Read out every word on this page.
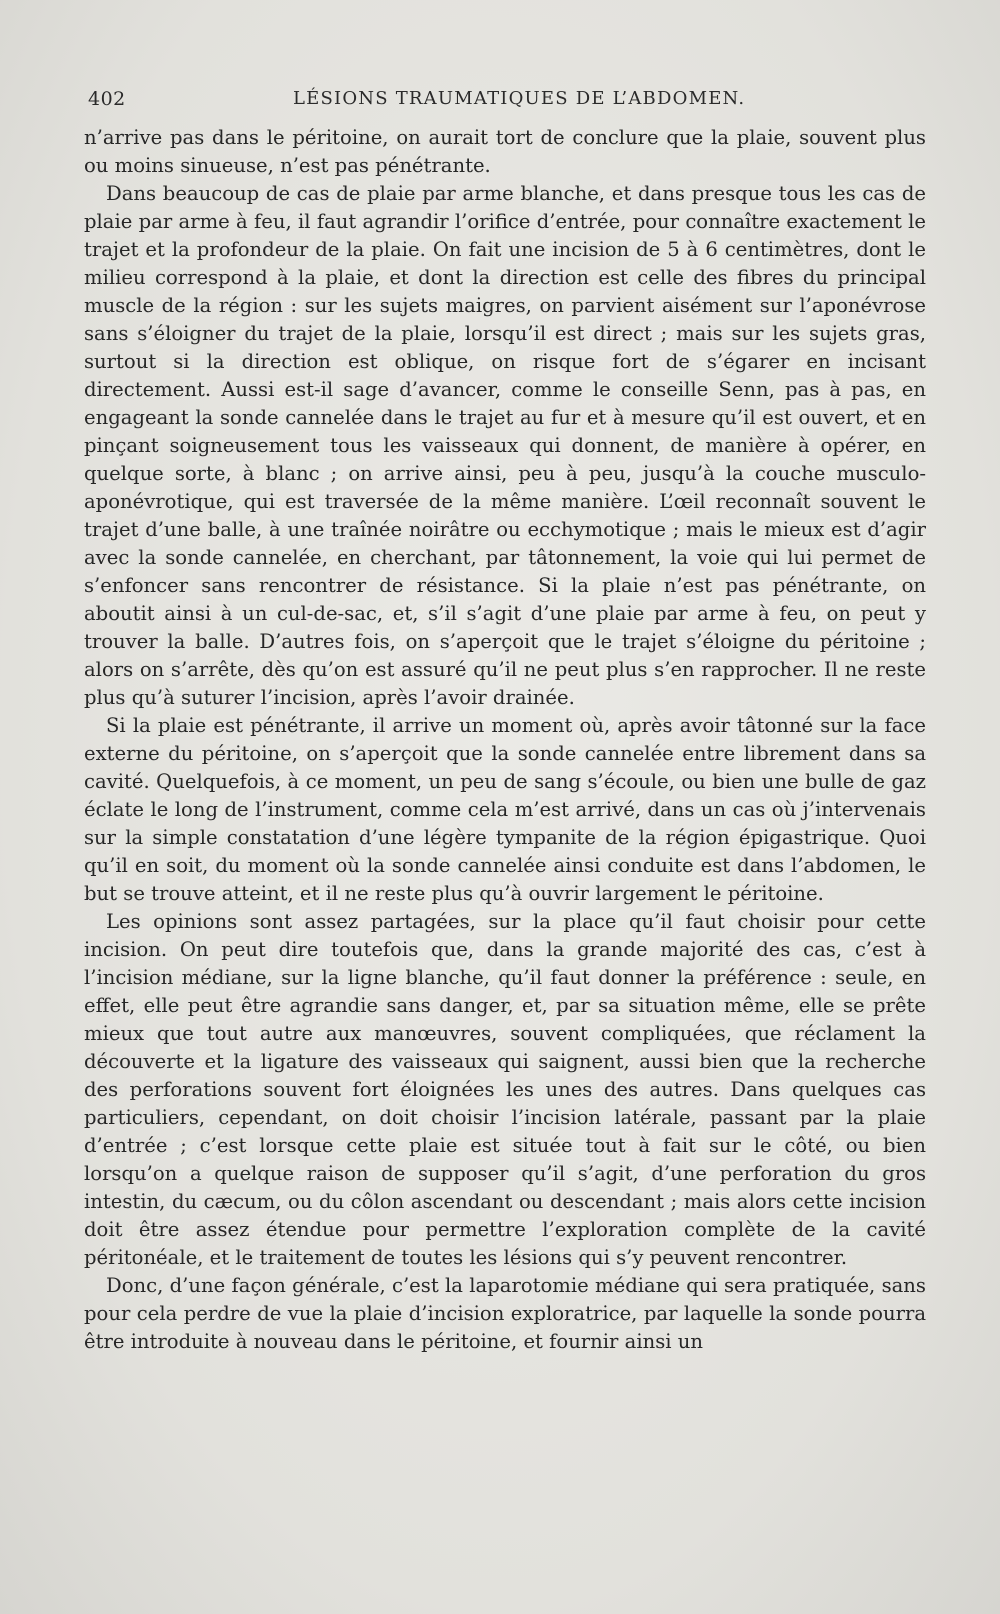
402	LÉSIONS TRAUMATIQUES DE L’ABDOMEN.

n’arrive pas dans le péritoine, on aurait tort de conclure que la plaie, souvent plus ou moins sinueuse, n’est pas pénétrante.

Dans beaucoup de cas de plaie par arme blanche, et dans presque tous les cas de plaie par arme à feu, il faut agrandir l’orifice d’entrée, pour connaître exactement le trajet et la profondeur de la plaie. On fait une incision de 5 à 6 centimètres, dont le milieu correspond à la plaie, et dont la direction est celle des fibres du principal muscle de la région : sur les sujets maigres, on parvient aisément sur l’aponévrose sans s’éloigner du trajet de la plaie, lorsqu’il est direct ; mais sur les sujets gras, surtout si la direction est oblique, on risque fort de s’égarer en incisant directement. Aussi est-il sage d’avancer, comme le conseille Senn, pas à pas, en engageant la sonde cannelée dans le trajet au fur et à mesure qu’il est ouvert, et en pinçant soigneusement tous les vaisseaux qui donnent, de manière à opérer, en quelque sorte, à blanc ; on arrive ainsi, peu à peu, jusqu’à la couche musculo-aponévrotique, qui est traversée de la même manière. L’œil reconnaît souvent le trajet d’une balle, à une traînée noirâtre ou ecchymotique ; mais le mieux est d’agir avec la sonde cannelée, en cherchant, par tâtonnement, la voie qui lui permet de s’enfoncer sans rencontrer de résistance. Si la plaie n’est pas pénétrante, on aboutit ainsi à un cul-de-sac, et, s’il s’agit d’une plaie par arme à feu, on peut y trouver la balle. D’autres fois, on s’aperçoit que le trajet s’éloigne du péritoine ; alors on s’arrête, dès qu’on est assuré qu’il ne peut plus s’en rapprocher. Il ne reste plus qu’à suturer l’incision, après l’avoir drainée.

Si la plaie est pénétrante, il arrive un moment où, après avoir tâtonné sur la face externe du péritoine, on s’aperçoit que la sonde cannelée entre librement dans sa cavité. Quelquefois, à ce moment, un peu de sang s’écoule, ou bien une bulle de gaz éclate le long de l’instrument, comme cela m’est arrivé, dans un cas où j’intervenais sur la simple constatation d’une légère tympanite de la région épigastrique. Quoi qu’il en soit, du moment où la sonde cannelée ainsi conduite est dans l’abdomen, le but se trouve atteint, et il ne reste plus qu’à ouvrir largement le péritoine.

Les opinions sont assez partagées, sur la place qu’il faut choisir pour cette incision. On peut dire toutefois que, dans la grande majorité des cas, c’est à l’incision médiane, sur la ligne blanche, qu’il faut donner la préférence : seule, en effet, elle peut être agrandie sans danger, et, par sa situation même, elle se prête mieux que tout autre aux manœuvres, souvent compliquées, que réclament la découverte et la ligature des vaisseaux qui saignent, aussi bien que la recherche des perforations souvent fort éloignées les unes des autres. Dans quelques cas particuliers, cependant, on doit choisir l’incision latérale, passant par la plaie d’entrée ; c’est lorsque cette plaie est située tout à fait sur le côté, ou bien lorsqu’on a quelque raison de supposer qu’il s’agit, d’une perforation du gros intestin, du cæcum, ou du côlon ascendant ou descendant ; mais alors cette incision doit être assez étendue pour permettre l’exploration complète de la cavité péritonéale, et le traitement de toutes les lésions qui s’y peuvent rencontrer.

Donc, d’une façon générale, c’est la laparotomie médiane qui sera pratiquée, sans pour cela perdre de vue la plaie d’incision exploratrice, par laquelle la sonde pourra être introduite à nouveau dans le péritoine, et fournir ainsi un
